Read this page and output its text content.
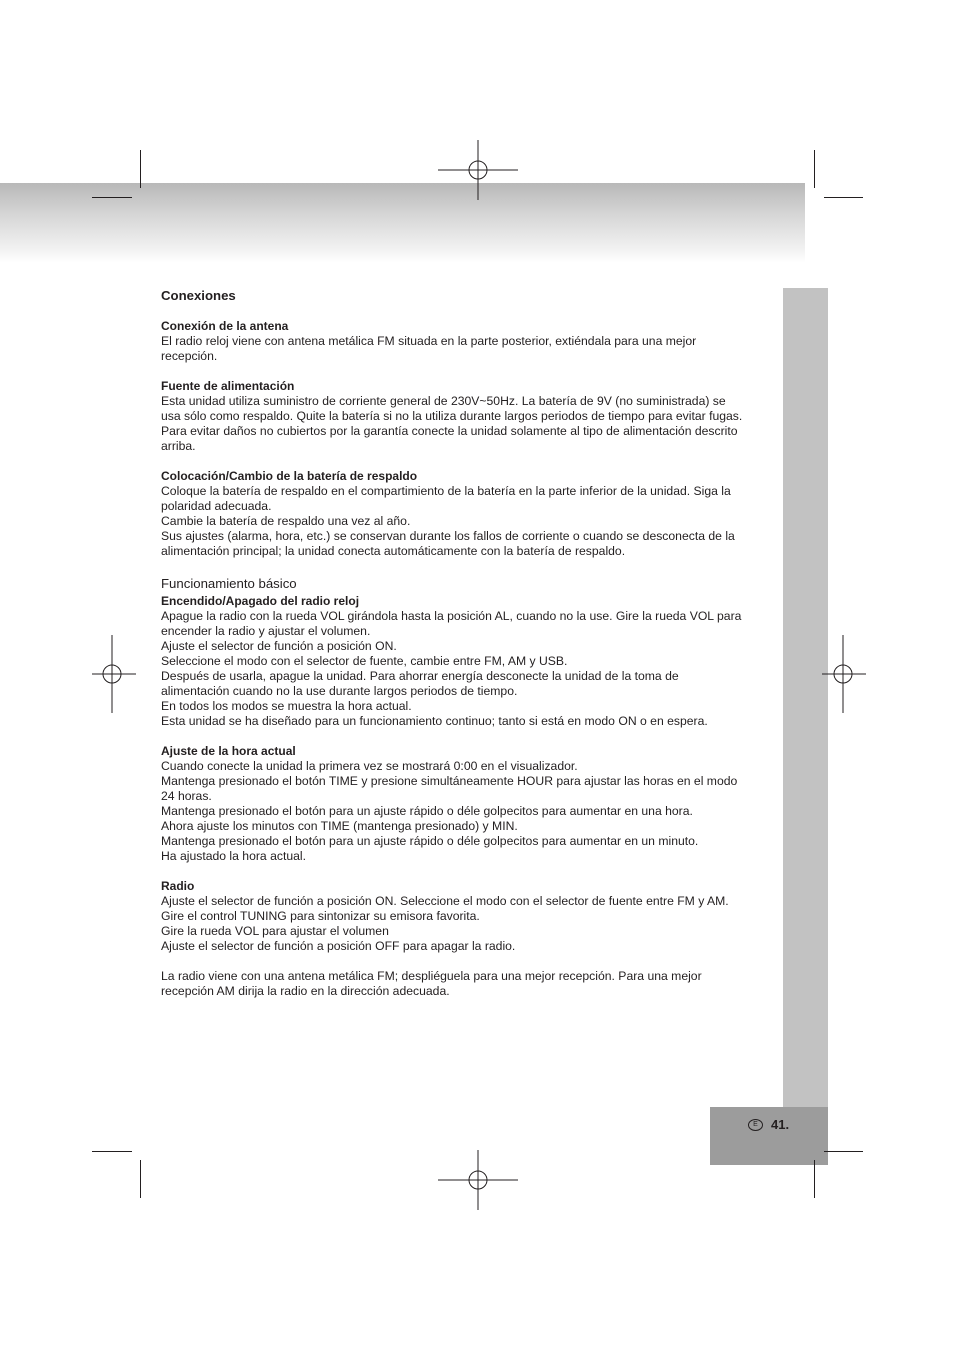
E	41.
Conexiones
Conexión de la antena

El radio reloj viene con antena metálica FM situada en la parte posterior, extiéndala para una mejor

recepción.

Fuente de alimentación

Esta unidad utiliza suministro de corriente general de 230V~50Hz. La batería de 9V (no suministrada) se

usa sólo como respaldo. Quite la batería si no la utiliza durante largos periodos de tiempo para evitar fugas.

Para evitar daños no cubiertos por la garantía conecte la unidad solamente al tipo de alimentación descrito

arriba.

Colocación/Cambio de la batería de respaldo

Coloque la batería de respaldo en el compartimiento de la batería en la parte inferior de la unidad. Siga la

polaridad adecuada.

Cambie la batería de respaldo una vez al año.

Sus ajustes (alarma, hora, etc.) se conservan durante los fallos de corriente o cuando se desconecta de la

alimentación principal; la unidad conecta automáticamente con la batería de respaldo.

Funcionamiento básico
Encendido/Apagado del radio reloj

Apague la radio con la rueda VOL girándola hasta la posición AL, cuando no la use. Gire la rueda VOL para

encender la radio y ajustar el volumen.

Ajuste el selector de función a posición ON.

Seleccione el modo con el selector de fuente, cambie entre FM, AM y USB.

Después de usarla, apague la unidad. Para ahorrar energía desconecte la unidad de la toma de

alimentación cuando no la use durante largos periodos de tiempo.

En todos los modos se muestra la hora actual.

Esta unidad se ha diseñado para un funcionamiento continuo; tanto si está en modo ON o en espera.

Ajuste de la hora actual

Cuando conecte la unidad la primera vez se mostrará 0:00 en el visualizador.

Mantenga presionado el botón TIME y presione simultáneamente HOUR para ajustar las horas en el modo

24 horas.

Mantenga presionado el botón para un ajuste rápido o déle golpecitos para aumentar en una hora.

Ahora ajuste los minutos con TIME (mantenga presionado) y MIN.

Mantenga presionado el botón para un ajuste rápido o déle golpecitos para aumentar en un minuto.

Ha ajustado la hora actual.

Radio

Ajuste el selector de función a posición ON. Seleccione el modo con el selector de fuente entre FM y AM.

Gire el control TUNING para sintonizar su emisora favorita.

Gire la rueda VOL para ajustar el volumen

Ajuste el selector de función a posición OFF para apagar la radio.

La radio viene con una antena metálica FM; despliéguela para una mejor recepción. Para una mejor

recepción AM dirija la radio en la dirección adecuada.
